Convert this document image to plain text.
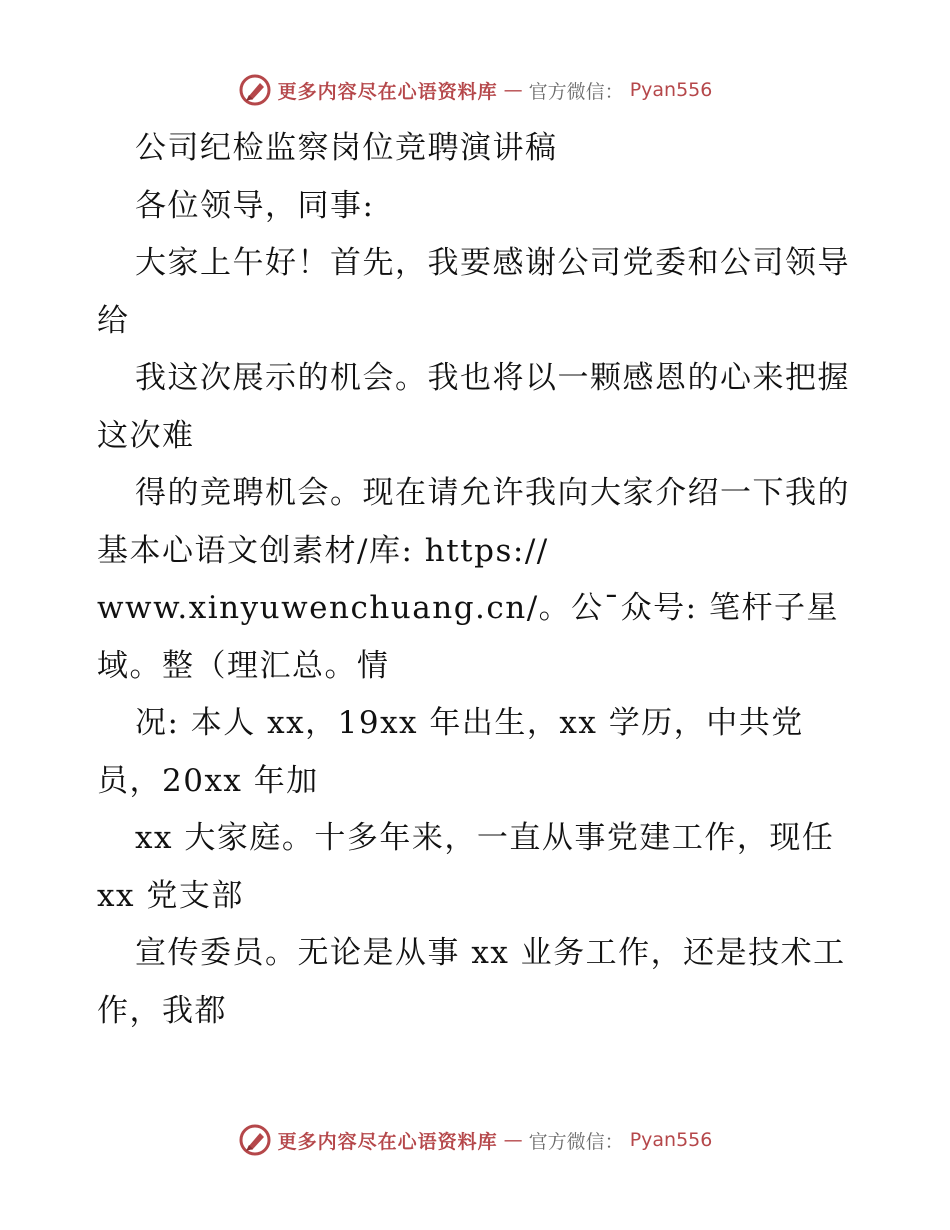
更多内容尽在心语资料库 — 官方微信： Pyan556

公司纪检监察岗位竞聘演讲稿

各位领导，同事:

大家上午好！首先，我要感谢公司党委和公司领导给

我这次展示的机会。我也将以一颗感恩的心来把握这次难

得的竞聘机会。现在请允许我向大家介绍一下我的基本心语文创素材/库: https:// www.xinyuwenchuang.cn/。公¯众号: 笔杆子星域。整（理汇总。情

况: 本人 xx，19xx 年出生，xx 学历，中共党员，20xx 年加

xx 大家庭。十多年来，一直从事党建工作，现任 xx 党支部

宣传委员。无论是从事 xx 业务工作，还是技术工作，我都

更多内容尽在心语资料库 — 官方微信： Pyan556
